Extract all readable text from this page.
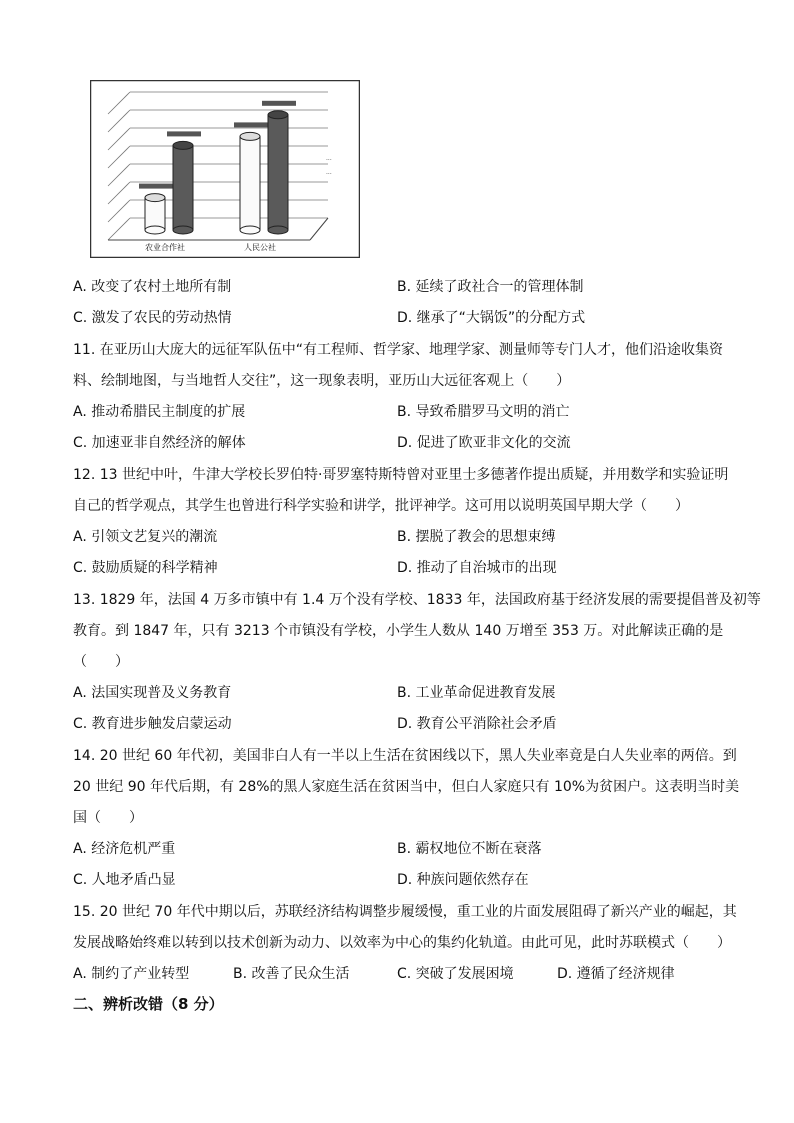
农业合作社	人民公社
...
...
A. 改变了农村土地所有制	B. 延续了政社合一的管理体制
C. 激发了农民的劳动热情	D. 继承了“大锅饭”的分配方式
11. 在亚历山大庞大的远征军队伍中“有工程师、哲学家、地理学家、测量师等专门人才，他们沿途收集资
料、绘制地图，与当地哲人交往”，这一现象表明，亚历山大远征客观上（　　）
A. 推动希腊民主制度的扩展	B. 导致希腊罗马文明的消亡
C. 加速亚非自然经济的解体	D. 促进了欧亚非文化的交流
12. 13 世纪中叶，牛津大学校长罗伯特·哥罗塞特斯特曾对亚里士多德著作提出质疑，并用数学和实验证明
自己的哲学观点，其学生也曾进行科学实验和讲学，批评神学。这可用以说明英国早期大学（　　）
A. 引领文艺复兴的潮流	B. 摆脱了教会的思想束缚
C. 鼓励质疑的科学精神	D. 推动了自治城市的出现
13. 1829 年，法国 4 万多市镇中有 1.4 万个没有学校、1833 年，法国政府基于经济发展的需要提倡普及初等
教育。到 1847 年，只有 3213 个市镇没有学校，小学生人数从 140 万增至 353 万。对此解读正确的是
（　　）
A. 法国实现普及义务教育	B. 工业革命促进教育发展
C. 教育进步触发启蒙运动	D. 教育公平消除社会矛盾
14. 20 世纪 60 年代初，美国非白人有一半以上生活在贫困线以下，黑人失业率竟是白人失业率的两倍。到
20 世纪 90 年代后期，有 28%的黑人家庭生活在贫困当中，但白人家庭只有 10%为贫困户。这表明当时美
国（　　）
A. 经济危机严重	B. 霸权地位不断在衰落
C. 人地矛盾凸显	D. 种族问题依然存在
15. 20 世纪 70 年代中期以后，苏联经济结构调整步履缓慢，重工业的片面发展阻碍了新兴产业的崛起，其
发展战略始终难以转到以技术创新为动力、以效率为中心的集约化轨道。由此可见，此时苏联模式（　　）
A. 制约了产业转型	B. 改善了民众生活	C. 突破了发展困境	D. 遵循了经济规律
二、辨析改错（8 分）
